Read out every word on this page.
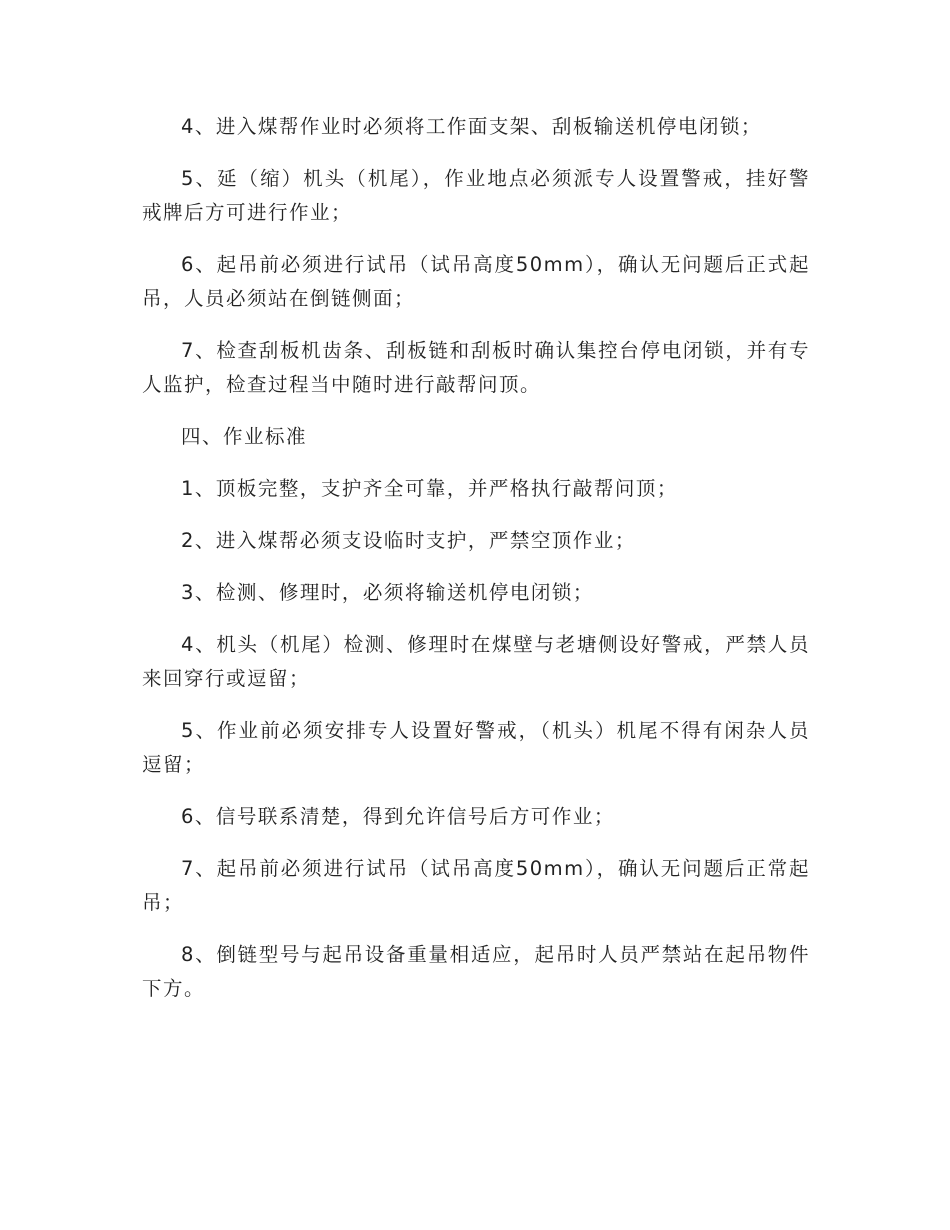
4、进入煤帮作业时必须将工作面支架、刮板输送机停电闭锁；

5、延（缩）机头（机尾），作业地点必须派专人设置警戒，挂好警戒牌后方可进行作业；

6、起吊前必须进行试吊（试吊高度50mm），确认无问题后正式起吊，人员必须站在倒链侧面；

7、检查刮板机齿条、刮板链和刮板时确认集控台停电闭锁，并有专人监护，检查过程当中随时进行敲帮问顶。

四、作业标准

1、顶板完整，支护齐全可靠，并严格执行敲帮问顶；

2、进入煤帮必须支设临时支护，严禁空顶作业；

3、检测、修理时，必须将输送机停电闭锁；

4、机头（机尾）检测、修理时在煤壁与老塘侧设好警戒，严禁人员来回穿行或逗留；

5、作业前必须安排专人设置好警戒，（机头）机尾不得有闲杂人员逗留；

6、信号联系清楚，得到允许信号后方可作业；

7、起吊前必须进行试吊（试吊高度50mm），确认无问题后正常起吊；

8、倒链型号与起吊设备重量相适应，起吊时人员严禁站在起吊物件下方。
